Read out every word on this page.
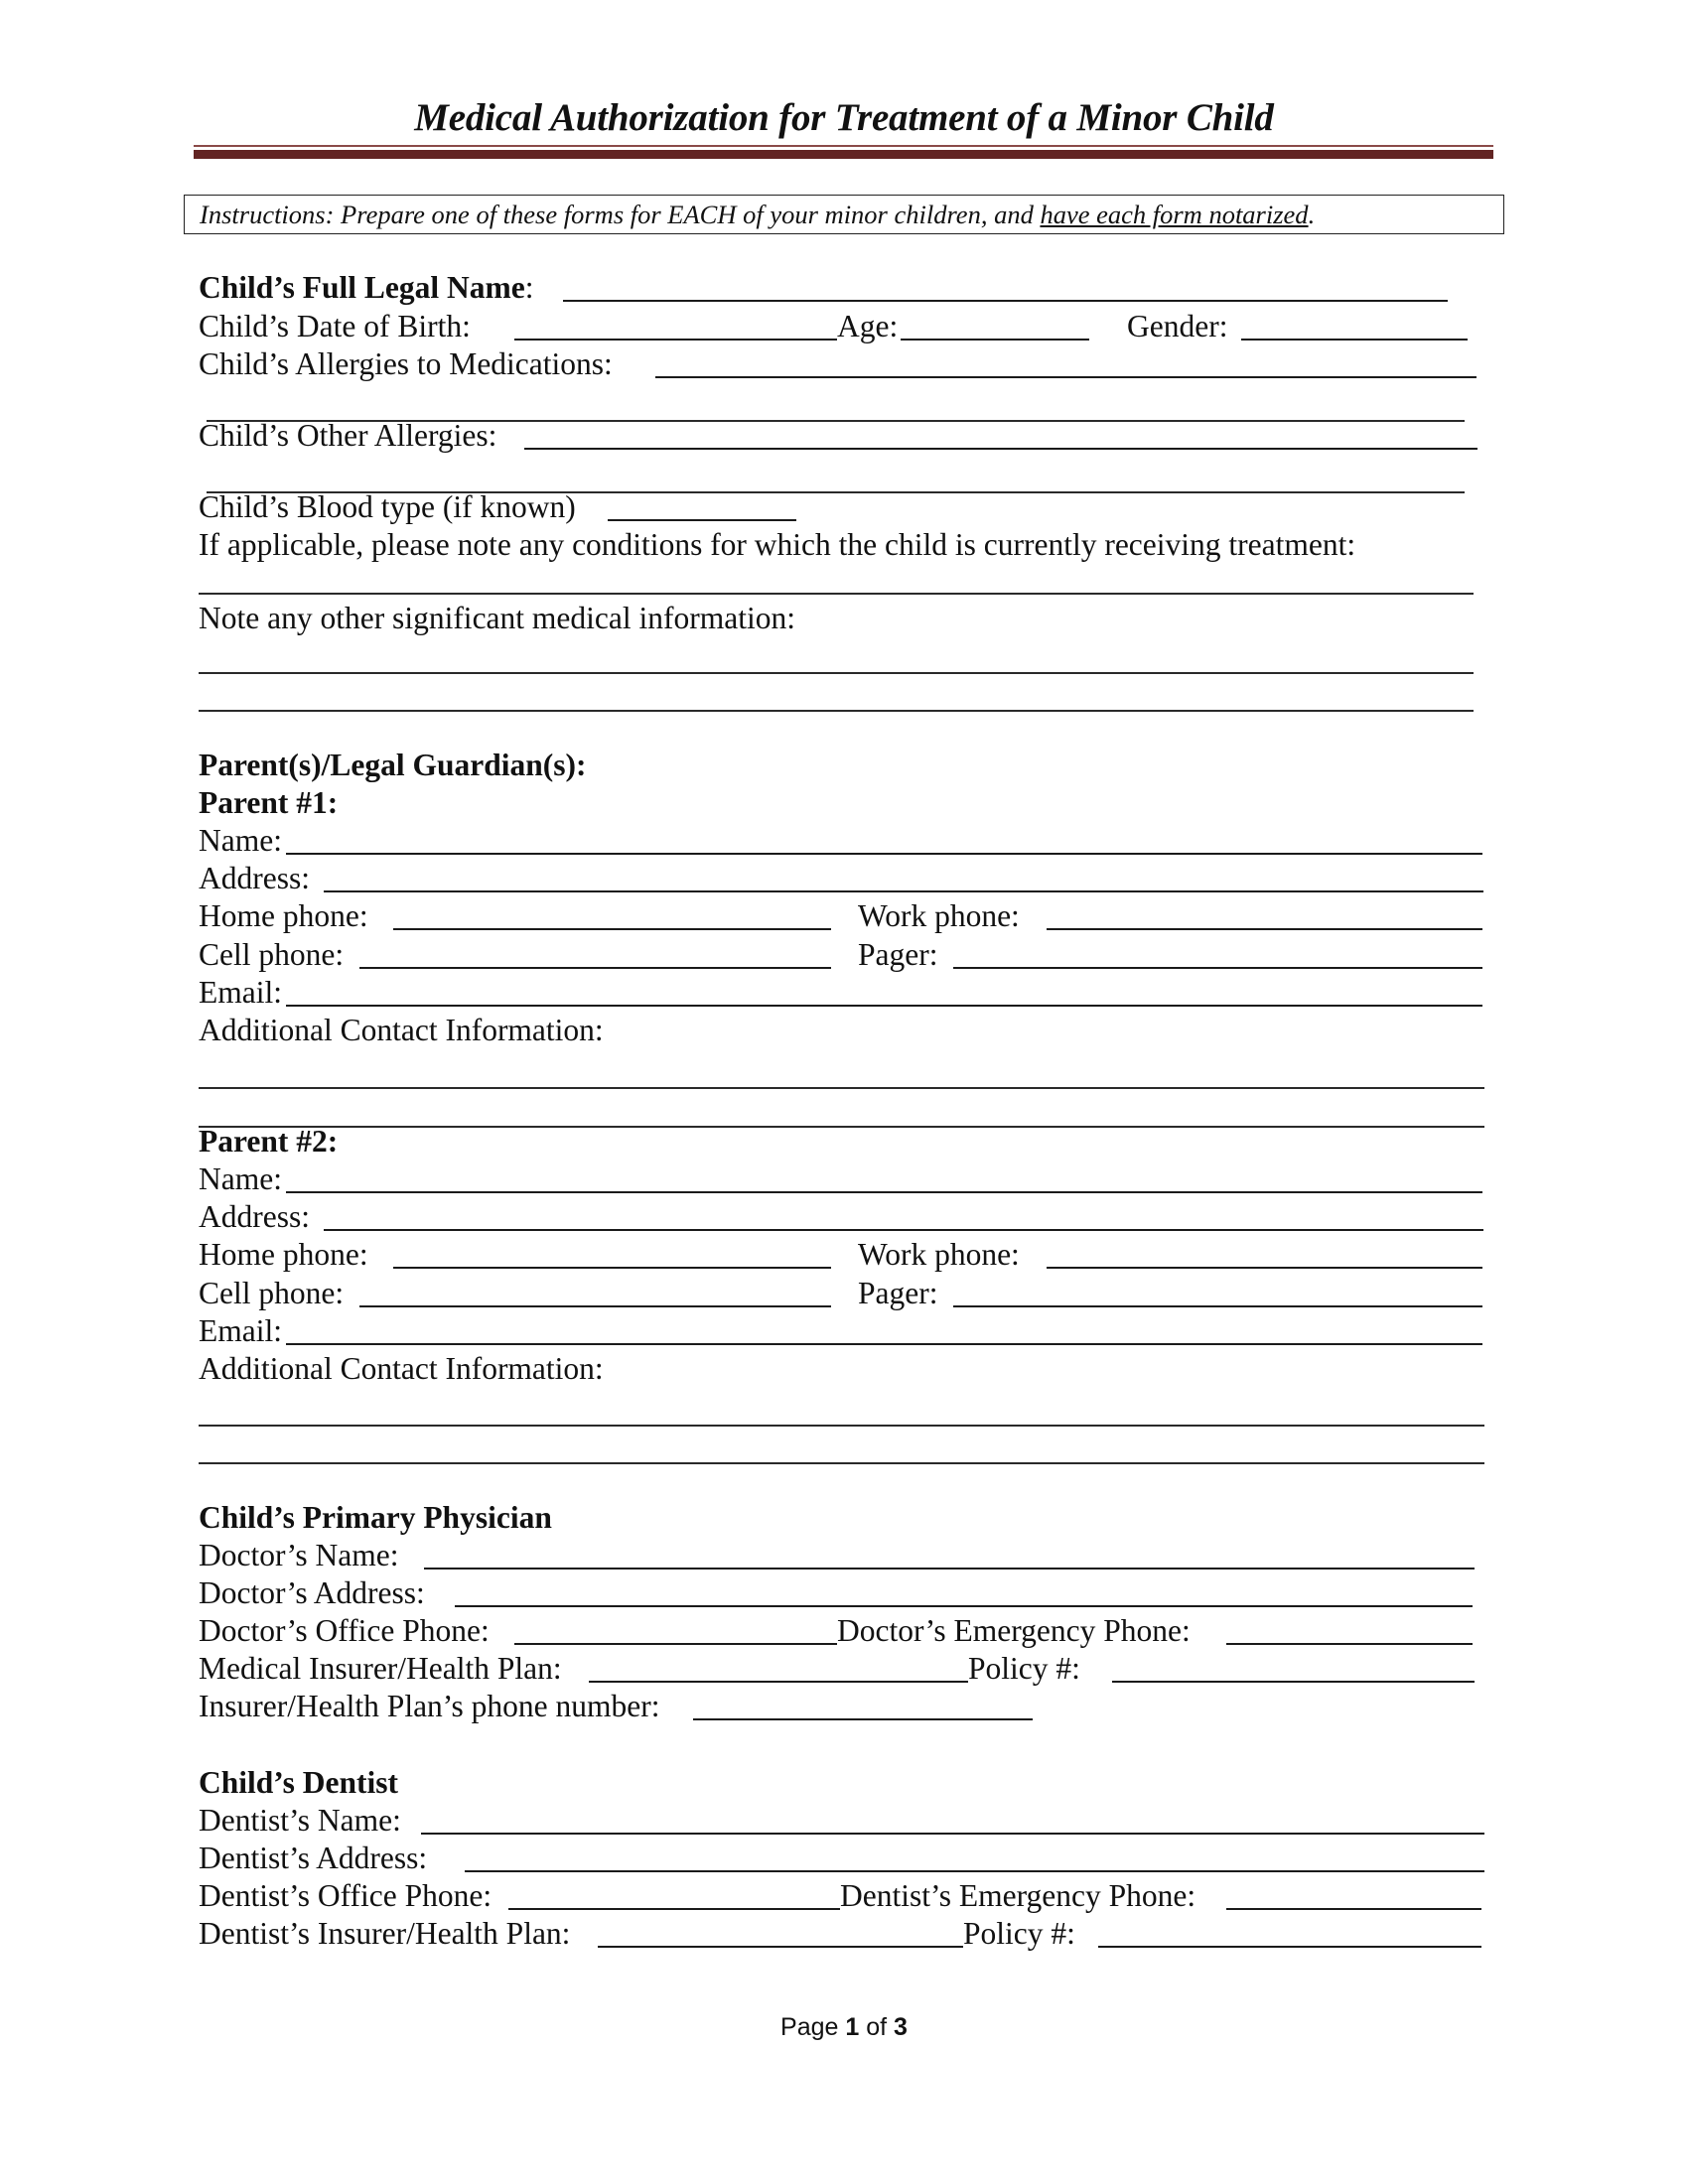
Medical Authorization for Treatment of a Minor Child
Instructions: Prepare one of these forms for EACH of your minor children, and have each form notarized.
Child’s Full Legal Name:
Child’s Date of Birth:	Age:	Gender:
Child’s Allergies to Medications:
Child’s Other Allergies:
Child’s Blood type (if known)
If applicable, please note any conditions for which the child is currently receiving treatment:
Note any other significant medical information:
Parent(s)/Legal Guardian(s):
Parent #1:
Name:
Address:
Home phone:	Work phone:
Cell phone:	Pager:
Email:
Additional Contact Information:
Parent #2:
Name:
Address:
Home phone:	Work phone:
Cell phone:	Pager:
Email:
Additional Contact Information:
Child’s Primary Physician
Doctor’s Name:
Doctor’s Address:
Doctor’s Office Phone:	Doctor’s Emergency Phone:
Medical Insurer/Health Plan:	Policy #:
Insurer/Health Plan’s phone number:
Child’s Dentist
Dentist’s Name:
Dentist’s Address:
Dentist’s Office Phone:	Dentist’s Emergency Phone:
Dentist’s Insurer/Health Plan:	Policy #:
Page 1 of 3
